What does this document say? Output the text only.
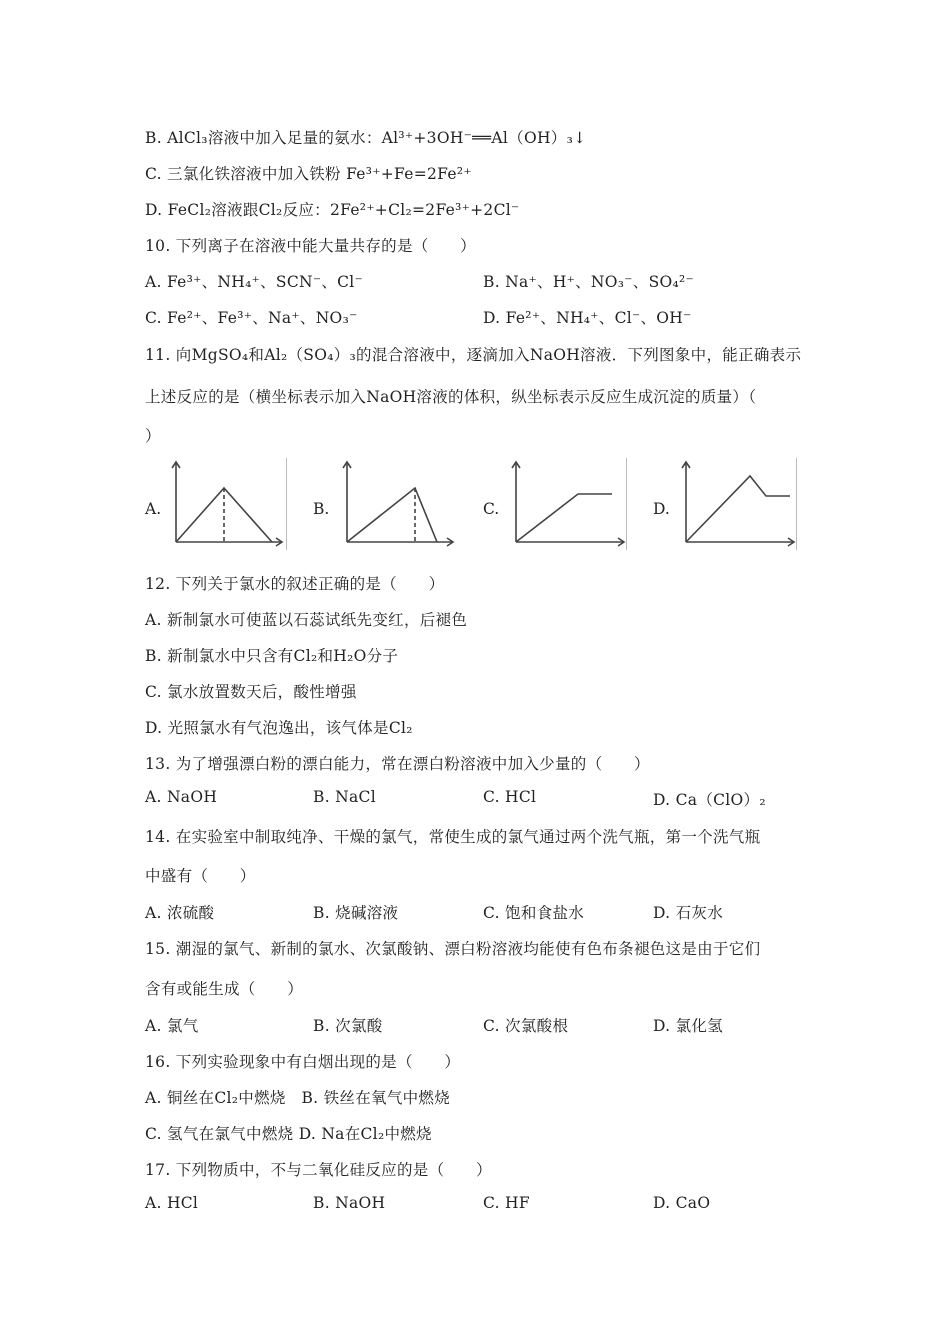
B. AlCl₃溶液中加入足量的氨水：Al³⁺+3OH⁻══Al（OH）₃↓
C. 三氯化铁溶液中加入铁粉 Fe³⁺+Fe=2Fe²⁺
D. FeCl₂溶液跟Cl₂反应：2Fe²⁺+Cl₂=2Fe³⁺+2Cl⁻
10. 下列离子在溶液中能大量共存的是（　　）
A. Fe³⁺、NH₄⁺、SCN⁻、Cl⁻	B. Na⁺、H⁺、NO₃⁻、SO₄²⁻
C. Fe²⁺、Fe³⁺、Na⁺、NO₃⁻	D. Fe²⁺、NH₄⁺、Cl⁻、OH⁻
11. 向MgSO₄和Al₂（SO₄）₃的混合溶液中，逐滴加入NaOH溶液．下列图象中，能正确表示
上述反应的是（横坐标表示加入NaOH溶液的体积，纵坐标表示反应生成沉淀的质量）（
）
A.	B.	C.	D.
12. 下列关于氯水的叙述正确的是（　　）
A. 新制氯水可使蓝以石蕊试纸先变红，后褪色
B. 新制氯水中只含有Cl₂和H₂O分子
C. 氯水放置数天后，酸性增强
D. 光照氯水有气泡逸出，该气体是Cl₂
13. 为了增强漂白粉的漂白能力，常在漂白粉溶液中加入少量的（　　）
A. NaOH	B. NaCl	C. HCl	D. Ca（ClO）₂
14. 在实验室中制取纯净、干燥的氯气，常使生成的氯气通过两个洗气瓶，第一个洗气瓶
中盛有（　　）
A. 浓硫酸	B. 烧碱溶液	C. 饱和食盐水	D. 石灰水
15. 潮湿的氯气、新制的氯水、次氯酸钠、漂白粉溶液均能使有色布条褪色这是由于它们
含有或能生成（　　）
A. 氯气	B. 次氯酸	C. 次氯酸根	D. 氯化氢
16. 下列实验现象中有白烟出现的是（　　）
A. 铜丝在Cl₂中燃烧　B. 铁丝在氧气中燃烧
C. 氢气在氯气中燃烧 D. Na在Cl₂中燃烧
17. 下列物质中，不与二氧化硅反应的是（　　）
A. HCl	B. NaOH	C. HF	D. CaO
